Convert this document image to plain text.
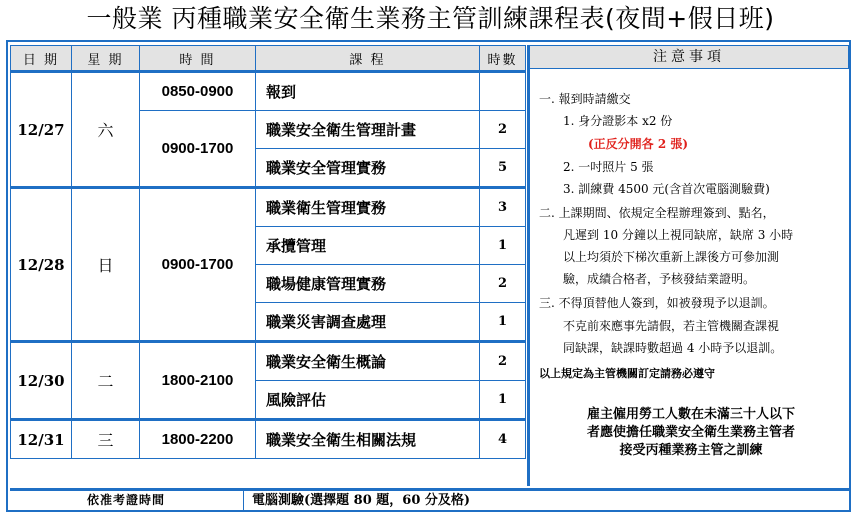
一般業 丙種職業安全衛生業務主管訓練課程表(夜間+假日班)
日 期	星 期	時 間	課 程	時數
12/27	六	0850-0900	報到	
		0900-1700	職業安全衛生管理計畫	2
			職業安全管理實務	5
12/28	日	0900-1700	職業衛生管理實務	3
			承攬管理	1
			職場健康管理實務	2
			職業災害調查處理	1
12/30	二	1800-2100	職業安全衛生概論	2
			風險評估	1
12/31	三	1800-2200	職業安全衛生相關法規	4
注意事項
一. 報到時請繳交
1. 身分證影本 x2 份
(正反分開各 2 張)
2. 一吋照片 5 張
3. 訓練費 4500 元(含首次電腦測驗費)
二. 上課期間、依規定全程辦理簽到、點名，
凡遲到 10 分鐘以上視同缺席，缺席 3 小時
以上均須於下梯次重新上課後方可參加測
驗，成績合格者，予核發結業證明。
三. 不得頂替他人簽到，如被發現予以退訓。
不克前來應事先請假，若主管機關查課視
同缺課，缺課時數超過 4 小時予以退訓。
以上規定為主管機關訂定請務必遵守
雇主僱用勞工人數在未滿三十人以下
者應使擔任職業安全衛生業務主管者
接受丙種業務主管之訓練
依准考證時間	電腦測驗(選擇題 80 題，60 分及格)
